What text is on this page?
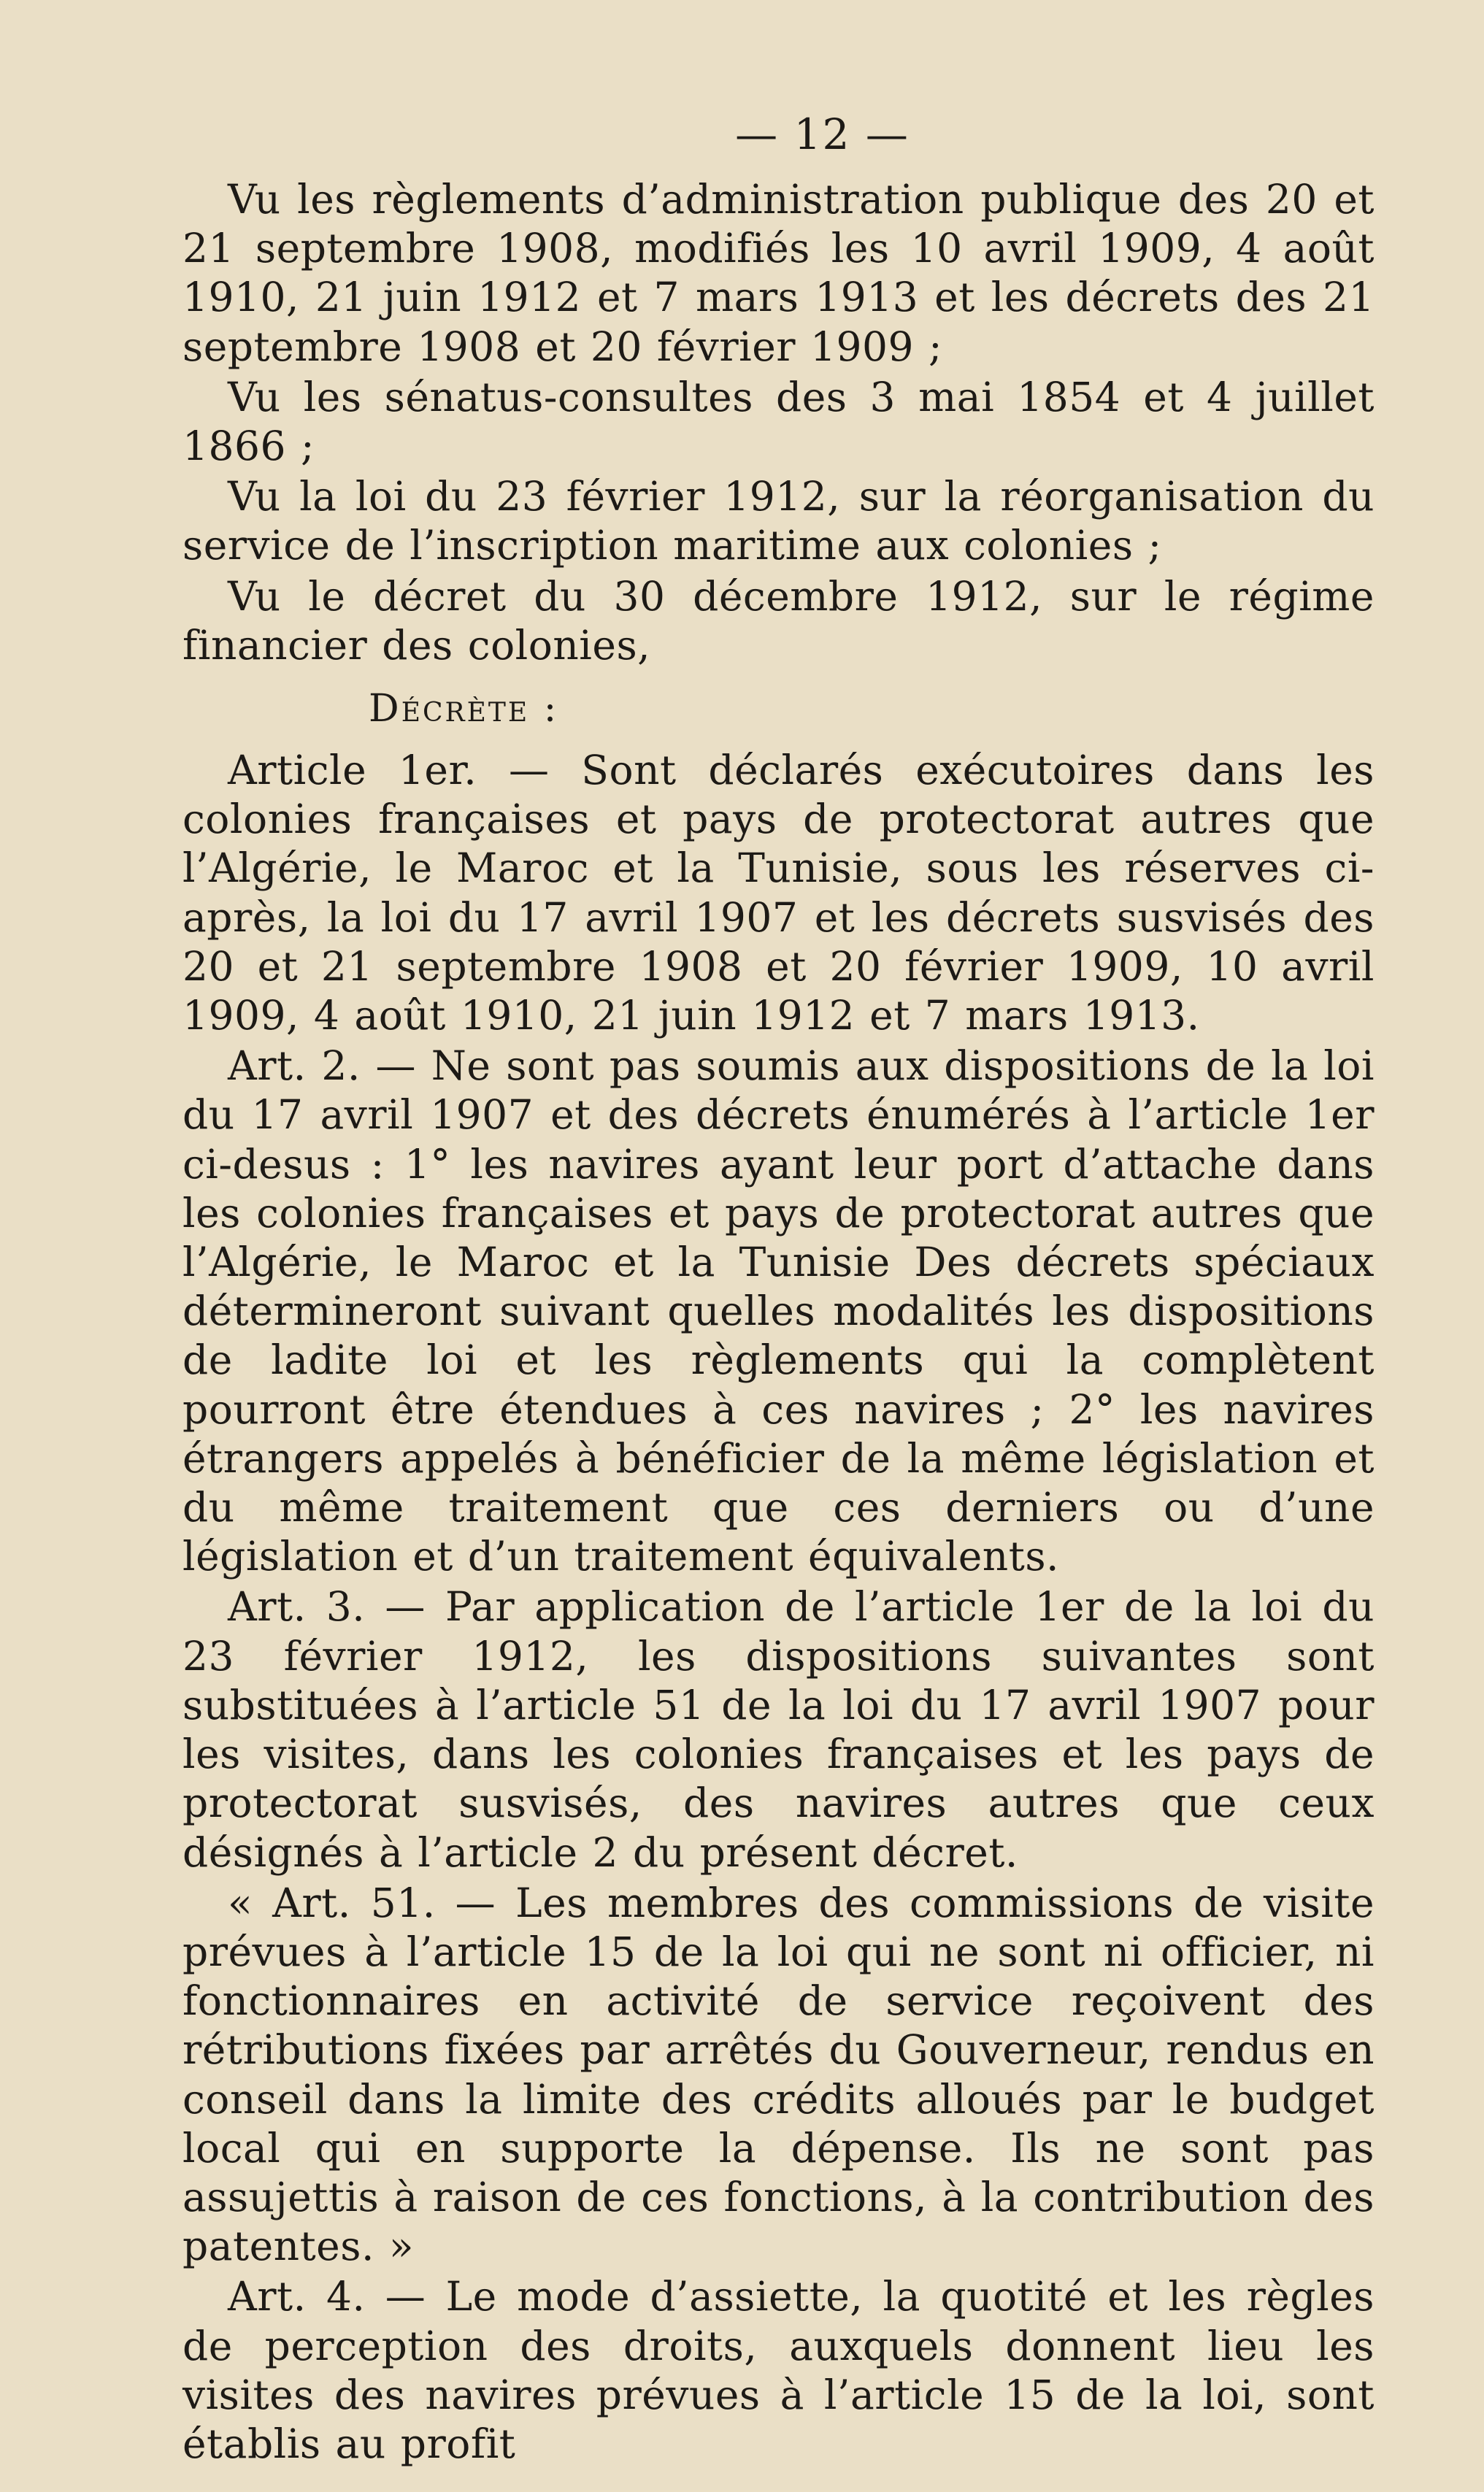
— 12 —

Vu les règlements d’administration publique des 20 et 21 septembre 1908, modifiés les 10 avril 1909, 4 août 1910, 21 juin 1912 et 7 mars 1913 et les décrets des 21 septembre 1908 et 20 février 1909 ;

Vu les sénatus-consultes des 3 mai 1854 et 4 juillet 1866 ;

Vu la loi du 23 février 1912, sur la réorganisation du service de l’inscription maritime aux colonies ;

Vu le décret du 30 décembre 1912, sur le régime financier des colonies,

Décrète :

Article 1er. — Sont déclarés exécutoires dans les colonies françaises et pays de protectorat autres que l’Algérie, le Maroc et la Tunisie, sous les réserves ci-après, la loi du 17 avril 1907 et les décrets susvisés des 20 et 21 septembre 1908 et 20 février 1909, 10 avril 1909, 4 août 1910, 21 juin 1912 et 7 mars 1913.

Art. 2. — Ne sont pas soumis aux dispositions de la loi du 17 avril 1907 et des décrets énumérés à l’article 1er ci-desus : 1° les navires ayant leur port d’attache dans les colonies françaises et pays de protectorat autres que l’Algérie, le Maroc et la Tunisie Des décrets spéciaux détermineront suivant quelles modalités les dispositions de ladite loi et les règlements qui la complètent pourront être étendues à ces navires ; 2° les navires étrangers appelés à bénéficier de la même législation et du même traitement que ces derniers ou d’une législation et d’un traitement équivalents.

Art. 3. — Par application de l’article 1er de la loi du 23 février 1912, les dispositions suivantes sont substituées à l’article 51 de la loi du 17 avril 1907 pour les visites, dans les colonies françaises et les pays de protectorat susvisés, des navires autres que ceux désignés à l’article 2 du présent décret.

« Art. 51. — Les membres des commissions de visite prévues à l’article 15 de la loi qui ne sont ni officier, ni fonctionnaires en activité de service reçoivent des rétributions fixées par arrêtés du Gouverneur, rendus en conseil dans la limite des crédits alloués par le budget local qui en supporte la dépense. Ils ne sont pas assujettis à raison de ces fonctions, à la contribution des patentes. »

Art. 4. — Le mode d’assiette, la quotité et les règles de perception des droits, auxquels donnent lieu les visites des navires prévues à l’article 15 de la loi, sont établis au profit
